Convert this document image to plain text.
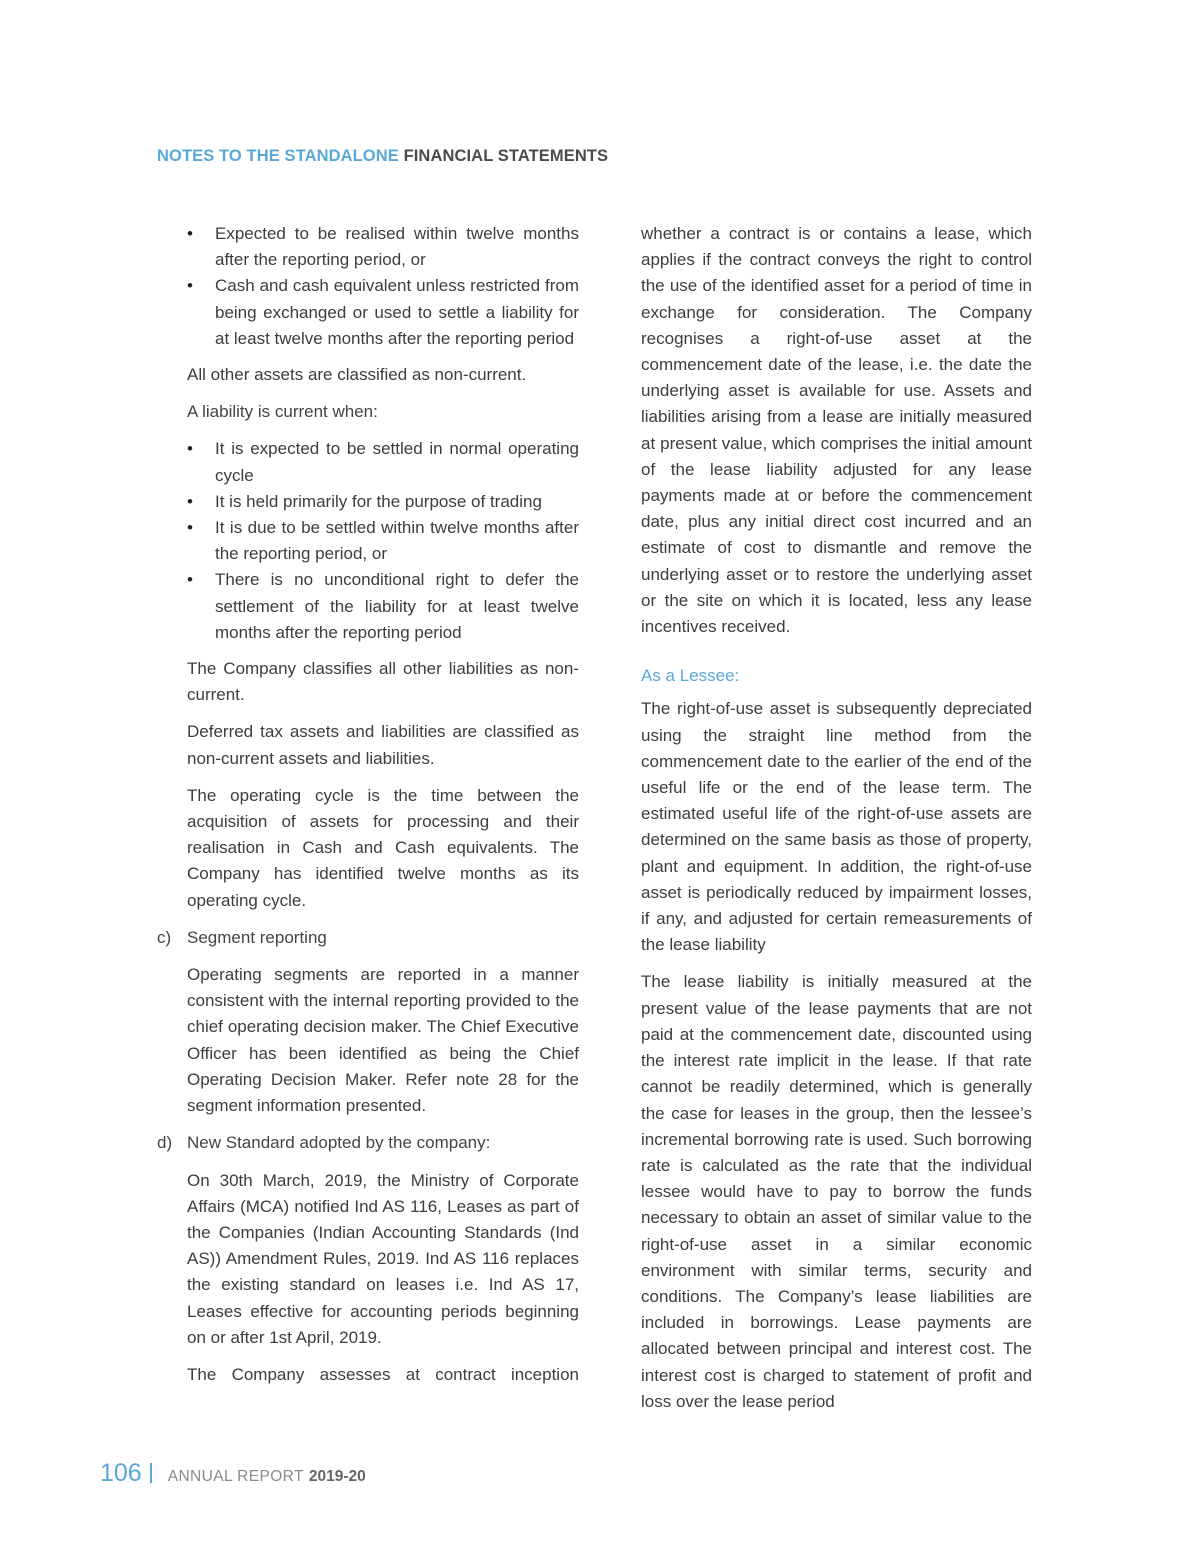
NOTES TO THE STANDALONE FINANCIAL STATEMENTS
• Expected to be realised within twelve months after the reporting period, or
• Cash and cash equivalent unless restricted from being exchanged or used to settle a liability for at least twelve months after the reporting period

All other assets are classified as non-current.

A liability is current when:
• It is expected to be settled in normal operating cycle
• It is held primarily for the purpose of trading
• It is due to be settled within twelve months after the reporting period, or
• There is no unconditional right to defer the settlement of the liability for at least twelve months after the reporting period

The Company classifies all other liabilities as non-current.

Deferred tax assets and liabilities are classified as non-current assets and liabilities.

The operating cycle is the time between the acquisition of assets for processing and their realisation in Cash and Cash equivalents. The Company has identified twelve months as its operating cycle.

c) Segment reporting

Operating segments are reported in a manner consistent with the internal reporting provided to the chief operating decision maker. The Chief Executive Officer has been identified as being the Chief Operating Decision Maker. Refer note 28 for the segment information presented.

d) New Standard adopted by the company:

On 30th March, 2019, the Ministry of Corporate Affairs (MCA) notified Ind AS 116, Leases as part of the Companies (Indian Accounting Standards (Ind AS)) Amendment Rules, 2019. Ind AS 116 replaces the existing standard on leases i.e. Ind AS 17, Leases effective for accounting periods beginning on or after 1st April, 2019.

The Company assesses at contract inception

whether a contract is or contains a lease, which applies if the contract conveys the right to control the use of the identified asset for a period of time in exchange for consideration. The Company recognises a right-of-use asset at the commencement date of the lease, i.e. the date the underlying asset is available for use. Assets and liabilities arising from a lease are initially measured at present value, which comprises the initial amount of the lease liability adjusted for any lease payments made at or before the commencement date, plus any initial direct cost incurred and an estimate of cost to dismantle and remove the underlying asset or to restore the underlying asset or the site on which it is located, less any lease incentives received.

As a Lessee:

The right-of-use asset is subsequently depreciated using the straight line method from the commencement date to the earlier of the end of the useful life or the end of the lease term. The estimated useful life of the right-of-use assets are determined on the same basis as those of property, plant and equipment. In addition, the right-of-use asset is periodically reduced by impairment losses, if any, and adjusted for certain remeasurements of the lease liability

The lease liability is initially measured at the present value of the lease payments that are not paid at the commencement date, discounted using the interest rate implicit in the lease. If that rate cannot be readily determined, which is generally the case for leases in the group, then the lessee’s incremental borrowing rate is used. Such borrowing rate is calculated as the rate that the individual lessee would have to pay to borrow the funds necessary to obtain an asset of similar value to the right-of-use asset in a similar economic environment with similar terms, security and conditions. The Company’s lease liabilities are included in borrowings. Lease payments are allocated between principal and interest cost. The interest cost is charged to statement of profit and loss over the lease period

106 ANNUAL REPORT 2019-20
